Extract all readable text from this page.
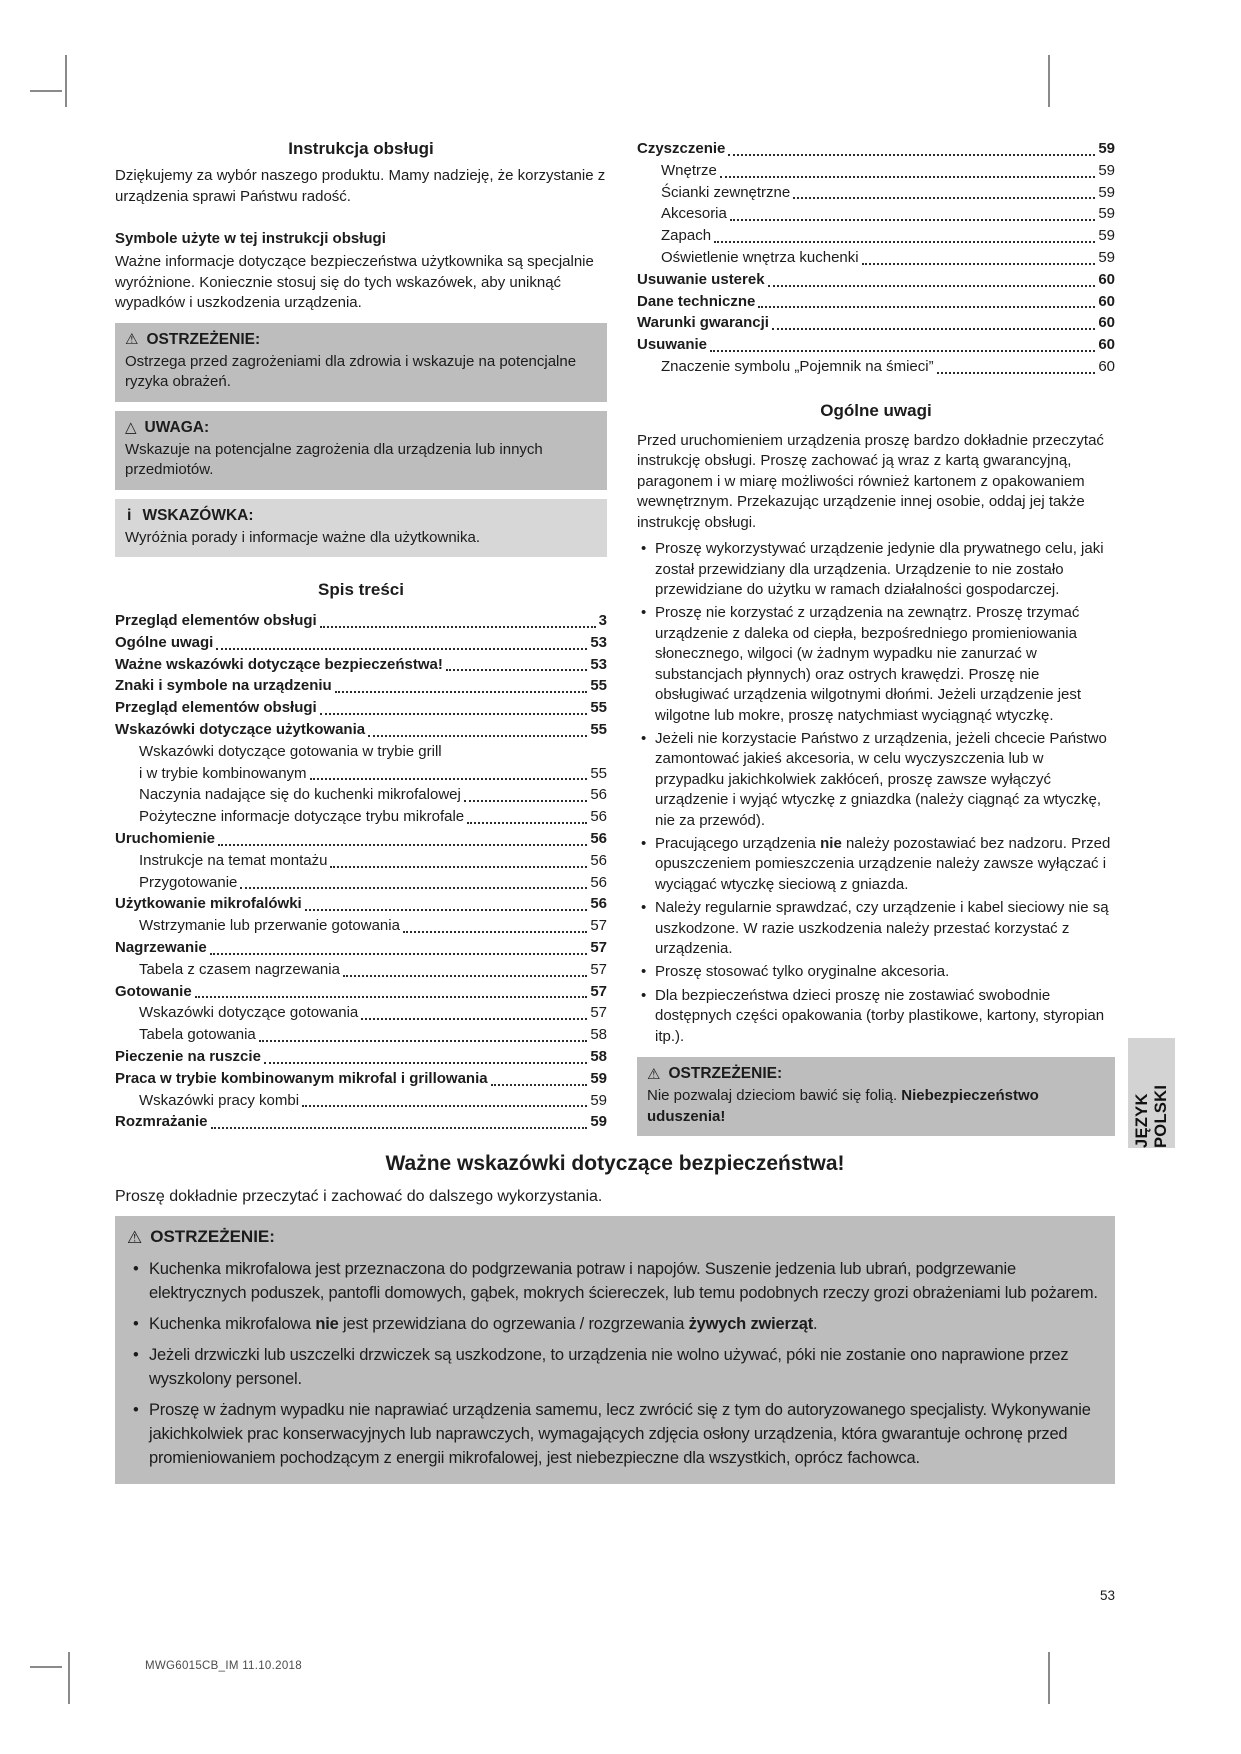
Instrukcja obsługi

Dziękujemy za wybór naszego produktu. Mamy nadzieję, że korzystanie z urządzenia sprawi Państwu radość.

Symbole użyte w tej instrukcji obsługi

Ważne informacje dotyczące bezpieczeństwa użytkownika są specjalnie wyróżnione. Koniecznie stosuj się do tych wskazówek, aby uniknąć wypadków i uszkodzenia urządzenia.

⚠ OSTRZEŻENIE:
Ostrzega przed zagrożeniami dla zdrowia i wskazuje na potencjalne ryzyka obrażeń.
△ UWAGA:
Wskazuje na potencjalne zagrożenia dla urządzenia lub innych przedmiotów.
i WSKAZÓWKA:
Wyróżnia porady i informacje ważne dla użytkownika.
Spis treści
Przegląd elementów obsługi	3
Ogólne uwagi	53
Ważne wskazówki dotyczące bezpieczeństwa!	53
Znaki i symbole na urządzeniu	55
Przegląd elementów obsługi	55
Wskazówki dotyczące użytkowania	55
Wskazówki dotyczące gotowania w trybie grill
i w trybie kombinowanym	55
Naczynia nadające się do kuchenki mikrofalowej	56
Pożyteczne informacje dotyczące trybu mikrofale	56
Uruchomienie	56
Instrukcje na temat montażu	56
Przygotowanie	56
Użytkowanie mikrofalówki	56
Wstrzymanie lub przerwanie gotowania	57
Nagrzewanie	57
Tabela z czasem nagrzewania	57
Gotowanie	57
Wskazówki dotyczące gotowania	57
Tabela gotowania	58
Pieczenie na ruszcie	58
Praca w trybie kombinowanym mikrofal i grillowania	59
Wskazówki pracy kombi	59
Rozmrażanie	59
Czyszczenie	59
Wnętrze	59
Ścianki zewnętrzne	59
Akcesoria	59
Zapach	59
Oświetlenie wnętrza kuchenki	59
Usuwanie usterek	60
Dane techniczne	60
Warunki gwarancji	60
Usuwanie	60
Znaczenie symbolu „Pojemnik na śmieci”	60
Ogólne uwagi

Przed uruchomieniem urządzenia proszę bardzo dokładnie przeczytać instrukcję obsługi. Proszę zachować ją wraz z kartą gwarancyjną, paragonem i w miarę możliwości również kartonem z opakowaniem wewnętrznym. Przekazując urządzenie innej osobie, oddaj jej także instrukcję obsługi.

• Proszę wykorzystywać urządzenie jedynie dla prywatnego celu, jaki został przewidziany dla urządzenia. Urządzenie to nie zostało przewidziane do użytku w ramach działalności gospodarczej.
• Proszę nie korzystać z urządzenia na zewnątrz. Proszę trzymać urządzenie z daleka od ciepła, bezpośredniego promieniowania słonecznego, wilgoci (w żadnym wypadku nie zanurzać w substancjach płynnych) oraz ostrych krawędzi. Proszę nie obsługiwać urządzenia wilgotnymi dłońmi. Jeżeli urządzenie jest wilgotne lub mokre, proszę natychmiast wyciągnąć wtyczkę.
• Jeżeli nie korzystacie Państwo z urządzenia, jeżeli chcecie Państwo zamontować jakieś akcesoria, w celu wyczyszczenia lub w przypadku jakichkolwiek zakłóceń, proszę zawsze wyłączyć urządzenie i wyjąć wtyczkę z gniazdka (należy ciągnąć za wtyczkę, nie za przewód).
• Pracującego urządzenia nie należy pozostawiać bez nadzoru. Przed opuszczeniem pomieszczenia urządzenie należy zawsze wyłączać i wyciągać wtyczkę sieciową z gniazda.
• Należy regularnie sprawdzać, czy urządzenie i kabel sieciowy nie są uszkodzone. W razie uszkodzenia należy przestać korzystać z urządzenia.
• Proszę stosować tylko oryginalne akcesoria.
• Dla bezpieczeństwa dzieci proszę nie zostawiać swobodnie dostępnych części opakowania (torby plastikowe, kartony, styropian itp.).
⚠ OSTRZEŻENIE:
Nie pozwalaj dzieciom bawić się folią. Niebezpieczeństwo uduszenia!
Ważne wskazówki dotyczące bezpieczeństwa!

Proszę dokładnie przeczytać i zachować do dalszego wykorzystania.

⚠ OSTRZEŻENIE:
• Kuchenka mikrofalowa jest przeznaczona do podgrzewania potraw i napojów. Suszenie jedzenia lub ubrań, podgrzewanie elektrycznych poduszek, pantofli domowych, gąbek, mokrych ściereczek, lub temu podobnych rzeczy grozi obrażeniami lub pożarem.
• Kuchenka mikrofalowa nie jest przewidziana do ogrzewania / rozgrzewania żywych zwierząt.
• Jeżeli drzwiczki lub uszczelki drzwiczek są uszkodzone, to urządzenia nie wolno używać, póki nie zostanie ono naprawione przez wyszkolony personel.
• Proszę w żadnym wypadku nie naprawiać urządzenia samemu, lecz zwrócić się z tym do autoryzowanego specjalisty. Wykonywanie jakichkolwiek prac konserwacyjnych lub naprawczych, wymagających zdjęcia osłony urządzenia, która gwarantuje ochronę przed promieniowaniem pochodzącym z energii mikrofalowej, jest niebezpieczne dla wszystkich, oprócz fachowca.
JĘZYK POLSKI
53
MWG6015CB_IM 11.10.2018
